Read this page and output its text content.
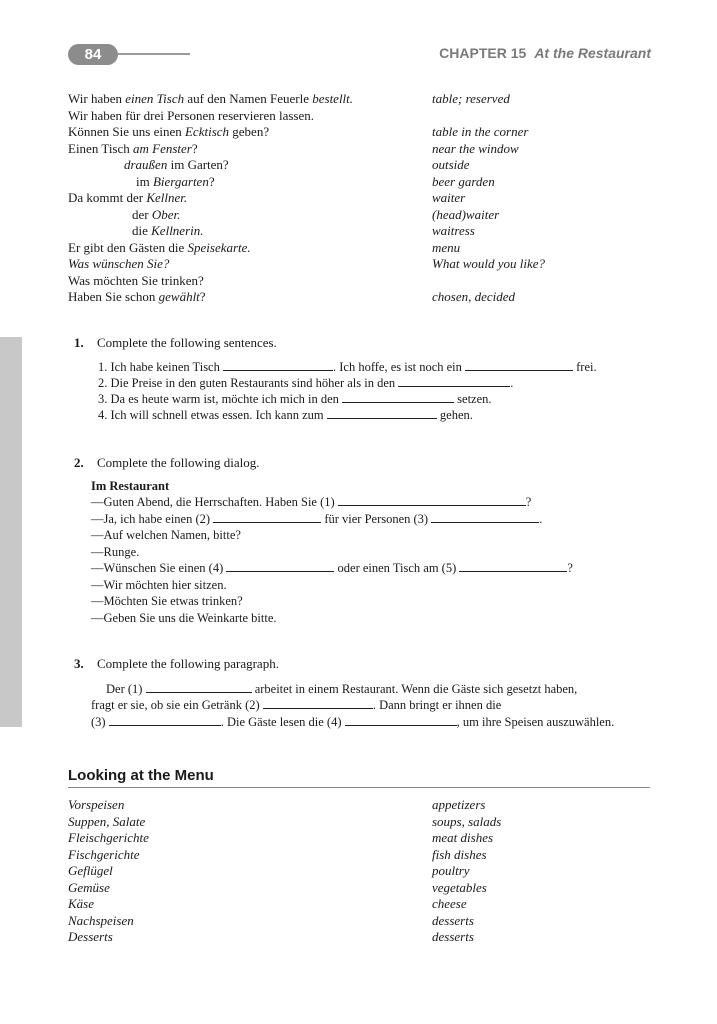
84	CHAPTER 15 At the Restaurant
Wir haben einen Tisch auf den Namen Feuerle bestellt.	table; reserved
Wir haben für drei Personen reservieren lassen.
Können Sie uns einen Ecktisch geben?	table in the corner
Einen Tisch am Fenster?	near the window
draußen im Garten?	outside
im Biergarten?	beer garden
Da kommt der Kellner.	waiter
der Ober.	(head)waiter
die Kellnerin.	waitress
Er gibt den Gästen die Speisekarte.	menu
Was wünschen Sie?	What would you like?
Was möchten Sie trinken?
Haben Sie schon gewählt?	chosen, decided
1. Complete the following sentences.
1. Ich habe keinen Tisch	. Ich hoffe, es ist noch ein	frei.
2. Die Preise in den guten Restaurants sind höher als in den	.
3. Da es heute warm ist, möchte ich mich in den	setzen.
4. Ich will schnell etwas essen. Ich kann zum	gehen.
2. Complete the following dialog.
Im Restaurant
—Guten Abend, die Herrschaften. Haben Sie (1)	?
—Ja, ich habe einen (2)	für vier Personen (3)	.
—Auf welchen Namen, bitte?
—Runge.
—Wünschen Sie einen (4)	oder einen Tisch am (5)	?
—Wir möchten hier sitzen.
—Möchten Sie etwas trinken?
—Geben Sie uns die Weinkarte bitte.
3. Complete the following paragraph.
Der (1)	arbeitet in einem Restaurant. Wenn die Gäste sich gesetzt haben,
fragt er sie, ob sie ein Getränk (2)	. Dann bringt er ihnen die
(3)	. Die Gäste lesen die (4)	, um ihre Speisen auszuwählen.
Looking at the Menu
Vorspeisen	appetizers
Suppen, Salate	soups, salads
Fleischgerichte	meat dishes
Fischgerichte	fish dishes
Geflügel	poultry
Gemüse	vegetables
Käse	cheese
Nachspeisen	desserts
Desserts	desserts
